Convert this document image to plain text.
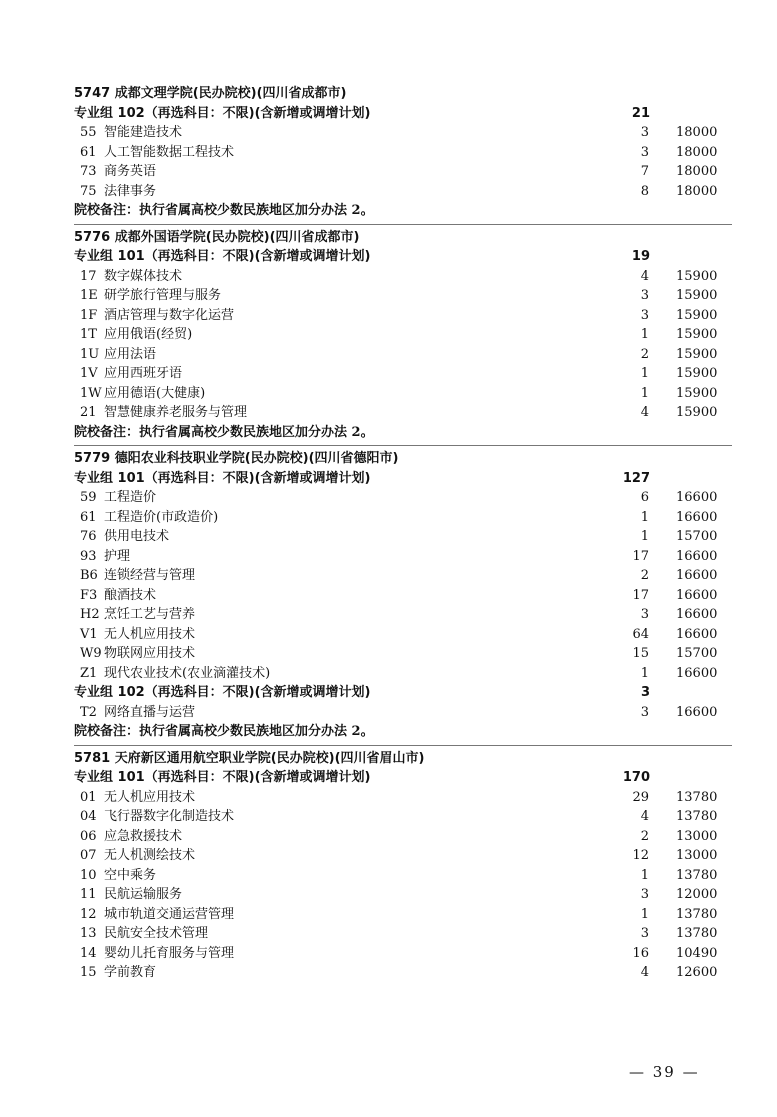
5747 成都文理学院(民办院校)(四川省成都市)
专业组 102（再选科目：不限)(含新增或调增计划)	21
55 智能建造技术	3 18000
61 人工智能数据工程技术	3 18000
73 商务英语	7 18000
75 法律事务	8 18000
院校备注：执行省属高校少数民族地区加分办法 2。
5776 成都外国语学院(民办院校)(四川省成都市)
专业组 101（再选科目：不限)(含新增或调增计划)	19
17 数字媒体技术	4 15900
1E 研学旅行管理与服务	3 15900
1F 酒店管理与数字化运营	3 15900
1T 应用俄语(经贸)	1 15900
1U 应用法语	2 15900
1V 应用西班牙语	1 15900
1W 应用德语(大健康)	1 15900
21 智慧健康养老服务与管理	4 15900
院校备注：执行省属高校少数民族地区加分办法 2。
5779 德阳农业科技职业学院(民办院校)(四川省德阳市)
专业组 101（再选科目：不限)(含新增或调增计划)	127
59 工程造价	6 16600
61 工程造价(市政造价)	1 16600
76 供用电技术	1 15700
93 护理	17 16600
B6 连锁经营与管理	2 16600
F3 酿酒技术	17 16600
H2 烹饪工艺与营养	3 16600
V1 无人机应用技术	64 16600
W9 物联网应用技术	15 15700
Z1 现代农业技术(农业滴灌技术)	1 16600
专业组 102（再选科目：不限)(含新增或调增计划)	3
T2 网络直播与运营	3 16600
院校备注：执行省属高校少数民族地区加分办法 2。
5781 天府新区通用航空职业学院(民办院校)(四川省眉山市)
专业组 101（再选科目：不限)(含新增或调增计划)	170
01 无人机应用技术	29 13780
04 飞行器数字化制造技术	4 13780
06 应急救援技术	2 13000
07 无人机测绘技术	12 13000
10 空中乘务	1 13780
11 民航运输服务	3 12000
12 城市轨道交通运营管理	1 13780
13 民航安全技术管理	3 13780
14 婴幼儿托育服务与管理	16 10490
15 学前教育	4 12600
— 39 —
